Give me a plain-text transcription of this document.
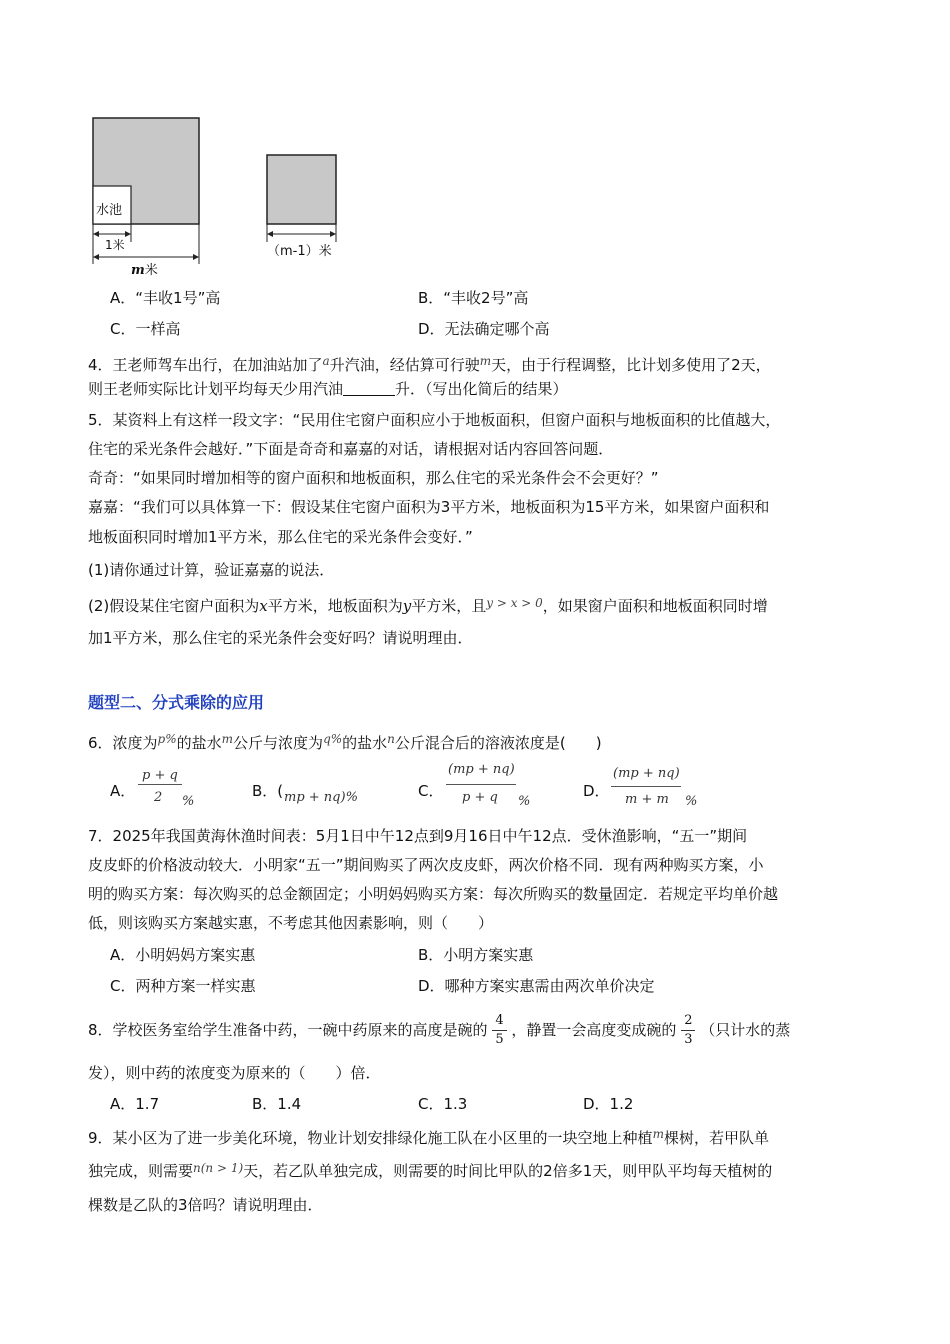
水池
1米
m米
（m-1）米
A．“丰收1号”高	B．“丰收2号”高
C．一样高	D．无法确定哪个高
4．王老师驾车出行，在加油站加了$^a$升汽油，经估算可行驶$^m$天，由于行程调整，比计划多使用了2天，
则王老师实际比计划平均每天少用汽油	升．（写出化简后的结果）
5．某资料上有这样一段文字：“民用住宅窗户面积应小于地板面积，但窗户面积与地板面积的比值越大，
住宅的采光条件会越好．”下面是奇奇和嘉嘉的对话，请根据对话内容回答问题．
奇奇：“如果同时增加相等的窗户面积和地板面积，那么住宅的采光条件会不会更好？”
嘉嘉：“我们可以具体算一下：假设某住宅窗户面积为3平方米，地板面积为15平方米，如果窗户面积和
地板面积同时增加1平方米，那么住宅的采光条件会变好．”
(1)请你通过计算，验证嘉嘉的说法．
(2)假设某住宅窗户面积为x平方米，地板面积为y平方米，且$^{y > x > 0}$，如果窗户面积和地板面积同时增
加1平方米，那么住宅的采光条件会变好吗？请说明理由．
题型二、分式乘除的应用
6．浓度为$^{p\%}$的盐水$^m$公斤与浓度为$^{q\%}$的盐水$^n$公斤混合后的溶液浓度是(　　)
A．
p + q
2 %
B．( mp + nq)%	C．
(mp + nq)
p + q %
D．
(mp + nq)
m + m %
7．2025年我国黄海休渔时间表：5月1日中午12点到9月16日中午12点．受休渔影响，“五一”期间
皮皮虾的价格波动较大．小明家“五一”期间购买了两次皮皮虾，两次价格不同．现有两种购买方案，小
明的购买方案：每次购买的总金额固定；小明妈妈购买方案：每次所购买的数量固定．若规定平均单价越
低，则该购买方案越实惠，不考虑其他因素影响，则（　　）
A．小明妈妈方案实惠	B．小明方案实惠
C．两种方案一样实惠	D．哪种方案实惠需由两次单价决定
8．学校医务室给学生准备中药，一碗中药原来的高度是碗的 $\frac{4}{5}$ ，静置一会高度变成碗的 $\frac{2}{3}$ （只计水的蒸
发），则中药的浓度变为原来的（　　）倍．
A．1.7	B．1.4	C．1.3	D．1.2
9．某小区为了进一步美化环境，物业计划安排绿化施工队在小区里的一块空地上种植$^m$棵树，若甲队单
独完成，则需要$^{n(n > 1)}$天，若乙队单独完成，则需要的时间比甲队的2倍多1天，则甲队平均每天植树的
棵数是乙队的3倍吗？请说明理由．
